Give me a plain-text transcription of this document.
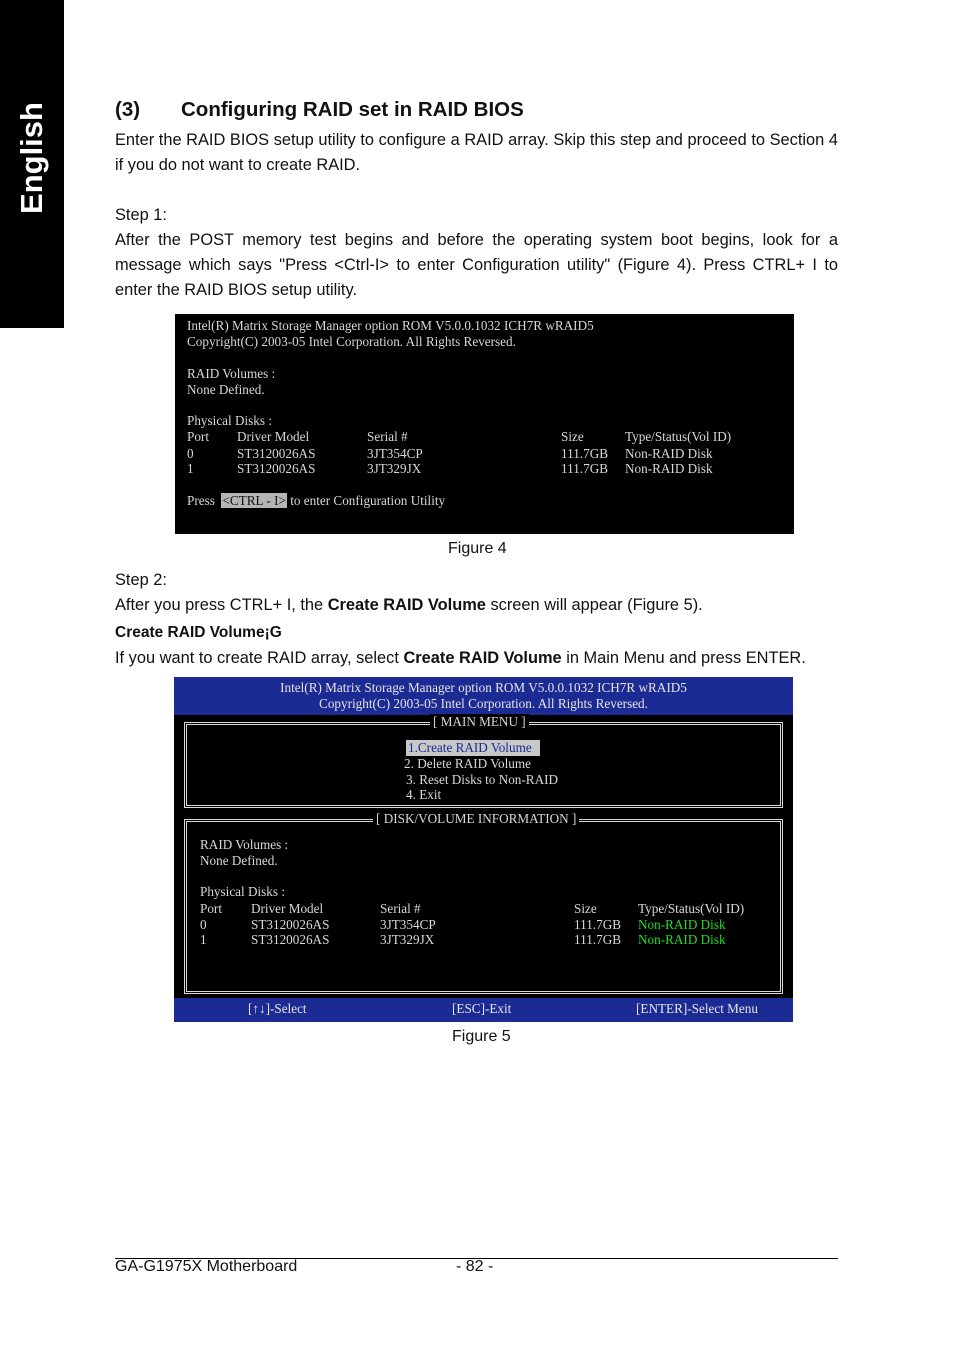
English	(3) Configuring RAID set in RAID BIOS
Enter the RAID BIOS setup utility to configure a RAID array. Skip this step and proceed to Section 4 if you do not want to create RAID.
Step 1:
After the POST memory test begins and before the operating system boot begins, look for a message which says "Press <Ctrl-I> to enter Configuration utility" (Figure 4). Press CTRL+ I to enter the RAID BIOS setup utility.
Intel(R) Matrix Storage Manager option ROM V5.0.0.1032 ICH7R wRAID5
Copyright(C) 2003-05 Intel Corporation. All Rights Reversed.
RAID Volumes :
None Defined.
Physical Disks :
Port Driver Model	Serial #	Size	Type/Status(Vol ID)
0	ST3120026AS	3JT354CP	111.7GB Non-RAID Disk
1	ST3120026AS	3JT329JX	111.7GB Non-RAID Disk
Press <CTRL - I> to enter Configuration Utility
Figure 4
Step 2:
After you press CTRL+ I, the Create RAID Volume screen will appear (Figure 5).
Create RAID Volume¡G
If you want to create RAID array, select Create RAID Volume in Main Menu and press ENTER.
Intel(R) Matrix Storage Manager option ROM V5.0.0.1032 ICH7R wRAID5
Copyright(C) 2003-05 Intel Corporation. All Rights Reversed.
[ MAIN MENU ]
1.Create RAID Volume
2. Delete RAID Volume
3. Reset Disks to Non-RAID
4. Exit
[ DISK/VOLUME INFORMATION ]
RAID Volumes :
None Defined.
Physical Disks :
Port Driver Model	Serial #	Size	Type/Status(Vol ID)
0	ST3120026AS	3JT354CP	111.7GB Non-RAID Disk
1	ST3120026AS	3JT329JX	111.7GB Non-RAID Disk
[↑↓]-Select	[ESC]-Exit	[ENTER]-Select Menu
Figure 5
GA-G1975X Motherboard	- 82 -
